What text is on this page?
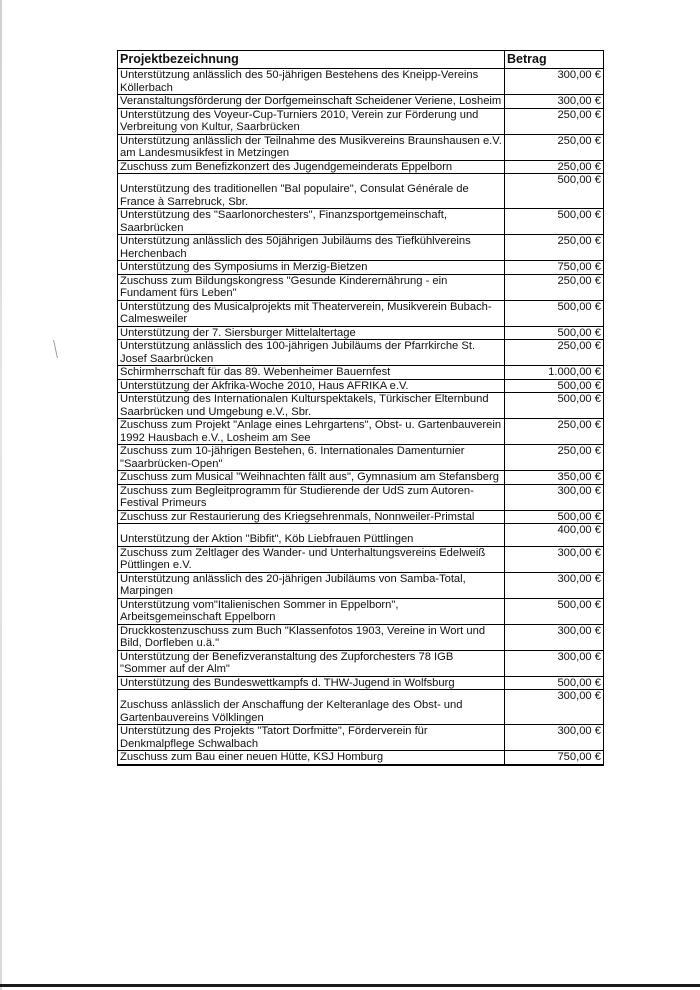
Projektbezeichnung	Betrag
Unterstützung anlässlich des 50-jährigen Bestehens des Kneipp-Vereins Köllerbach	300,00 €
Veranstaltungsförderung der Dorfgemeinschaft Scheidener Veriene, Losheim	300,00 €
Unterstützung des Voyeur-Cup-Turniers 2010, Verein zur Förderung und Verbreitung von Kultur, Saarbrücken	250,00 €
Unterstützung anlässlich der Teilnahme des Musikvereins Braunshausen e.V. am Landesmusikfest in Metzingen	250,00 €
Zuschuss zum Benefizkonzert des Jugendgemeinderats Eppelborn	250,00 €
Unterstützung des traditionellen "Bal populaire", Consulat Générale de France à Sarrebruck, Sbr.	500,00 €
Unterstützung des "Saarlonorchesters", Finanzsportgemeinschaft, Saarbrücken	500,00 €
Unterstützung anlässlich des 50jährigen Jubiläums des Tiefkühlvereins Herchenbach	250,00 €
Unterstützung des Symposiums in Merzig-Bietzen	750,00 €
Zuschuss zum Bildungskongress "Gesunde Kinderernährung - ein Fundament fürs Leben"	250,00 €
Unterstützung des Musicalprojekts mit Theaterverein, Musikverein Bubach-Calmesweiler	500,00 €
Unterstützung der 7. Siersburger Mittelaltertage	500,00 €
Unterstützung anlässlich des 100-jährigen Jubiläums der Pfarrkirche St. Josef Saarbrücken	250,00 €
Schirmherrschaft für das 89. Webenheimer Bauernfest	1.000,00 €
Unterstützung der Akfrika-Woche 2010, Haus AFRIKA e.V.	500,00 €
Unterstützung des Internationalen Kulturspektakels, Türkischer Elternbund Saarbrücken und Umgebung e.V., Sbr.	500,00 €
Zuschuss zum Projekt "Anlage eines Lehrgartens", Obst- u. Gartenbauverein 1992 Hausbach e.V., Losheim am See	250,00 €
Zuschuss zum 10-jährigen Bestehen, 6. Internationales Damenturnier "Saarbrücken-Open"	250,00 €
Zuschuss zum Musical "Weihnachten fällt aus", Gymnasium am Stefansberg	350,00 €
Zuschuss zum Begleitprogramm für Studierende der UdS zum Autoren-Festival Primeurs	300,00 €
Zuschuss zur Restaurierung des Kriegsehrenmals, Nonnweiler-Primstal	500,00 €
Unterstützung der Aktion "Bibfit", Köb Liebfrauen Püttlingen	400,00 €
Zuschuss zum Zeltlager des Wander- und Unterhaltungsvereins Edelweiß Püttlingen e.V.	300,00 €
Unterstützung anlässlich des 20-jährigen Jubiläums von Samba-Total, Marpingen	300,00 €
Unterstützung vom"Italienischen Sommer in Eppelborn", Arbeitsgemeinschaft Eppelborn	500,00 €
Druckkostenzuschuss zum Buch "Klassenfotos 1903, Vereine in Wort und Bild, Dorfleben u.ä."	300,00 €
Unterstützung der Benefizveranstaltung des Zupforchesters 78 IGB "Sommer auf der Alm"	300,00 €
Unterstützung des Bundeswettkampfs d. THW-Jugend in Wolfsburg	500,00 €
Zuschuss anlässlich der Anschaffung der Kelteranlage des Obst- und Gartenbauvereins Völklingen	300,00 €
Unterstützung des Projekts "Tatort Dorfmitte", Förderverein für Denkmalpflege Schwalbach	300,00 €
Zuschuss zum Bau einer neuen Hütte, KSJ Homburg	750,00 €
